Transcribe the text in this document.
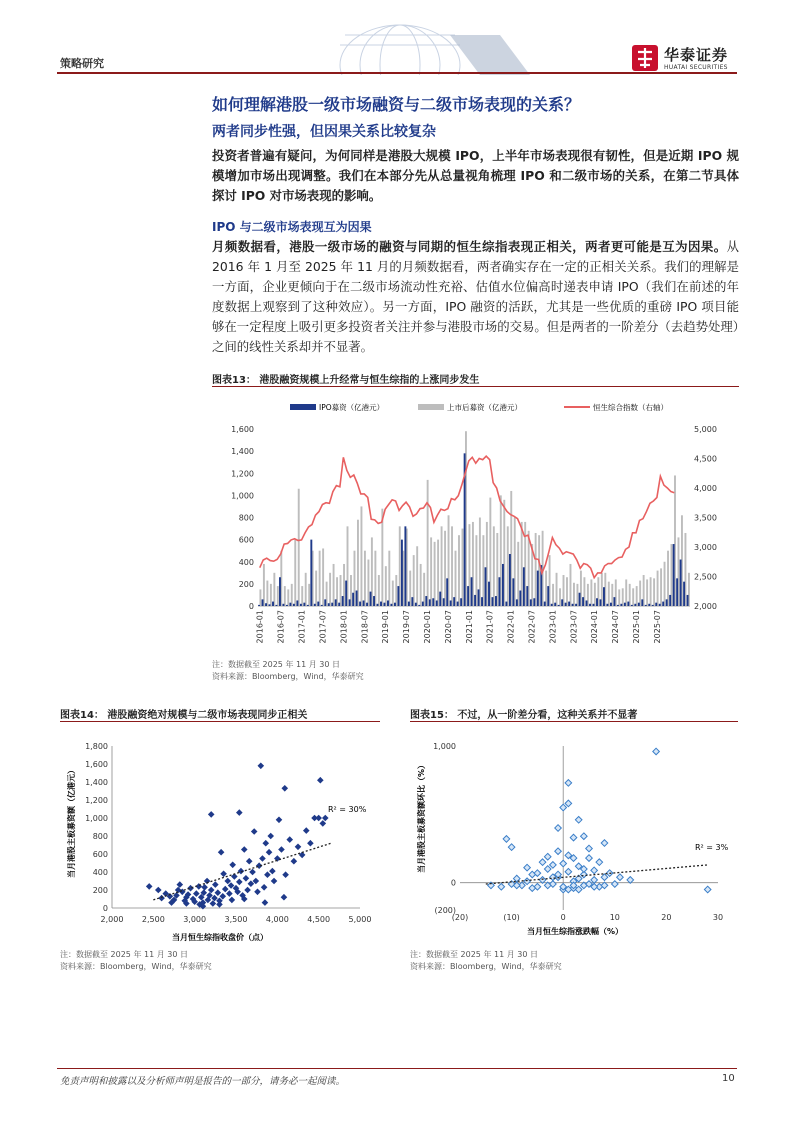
策略研究	华泰证券
HUATAI SECURITIES
如何理解港股一级市场融资与二级市场表现的关系？
两者同步性强，但因果关系比较复杂
投资者普遍有疑问，为何同样是港股大规模 IPO，上半年市场表现很有韧性，但是近期 IPO 规模增加市场出现调整。我们在本部分先从总量视角梳理 IPO 和二级市场的关系，在第二节具体探讨 IPO 对市场表现的影响。
IPO 与二级市场表现互为因果
月频数据看，港股一级市场的融资与同期的恒生综指表现正相关，两者更可能是互为因果。从 2016 年 1 月至 2025 年 11 月的月频数据看，两者确实存在一定的正相关关系。我们的理解是一方面，企业更倾向于在二级市场流动性充裕、估值水位偏高时递表申请 IPO（我们在前述的年度数据上观察到了这种效应）。另一方面，IPO 融资的活跃，尤其是一些优质的重磅 IPO 项目能够在一定程度上吸引更多投资者关注并参与港股市场的交易。但是两者的一阶差分（去趋势处理）之间的线性关系却并不显著。
图表13： 港股融资规模上升经常与恒生综指的上涨同步发生
IPO募资（亿港元）	上市后募资（亿港元）	恒生综合指数（右轴）
0
200
400
600
800
1,000
1,200
1,400
1,600
2,000
2,500
3,000
3,500
4,000
4,500
5,000
2016-01 2016-07 2017-01 2017-07 2018-01 2018-07 2019-01 2019-07 2020-01 2020-07 2021-01 2021-07 2022-01 2022-07 2023-01 2023-07 2024-01 2024-07 2025-01 2025-07
注：数据截至 2025 年 11 月 30 日
资料来源：Bloomberg，Wind，华泰研究
图表14： 港股融资绝对规模与二级市场表现同步正相关
0
200
400
600
800
1,000
1,200
1,400
1,600
1,800
2,000 2,500 3,000 3,500 4,000 4,500 5,000
R² = 30%
当月恒生综指收盘价（点）
当月港股主板募资额（亿港元）
注：数据截至 2025 年 11 月 30 日
资料来源：Bloomberg，Wind，华泰研究
图表15： 不过，从一阶差分看，这种关系并不显著
(200)
0
1,000
(20)	(10)	0	10	20	30
R² = 3%
当月恒生综指涨跌幅（%）
当月港股主板募资额环比（%）
注：数据截至 2025 年 11 月 30 日
资料来源：Bloomberg，Wind，华泰研究
免责声明和披露以及分析师声明是报告的一部分，请务必一起阅读。	10
